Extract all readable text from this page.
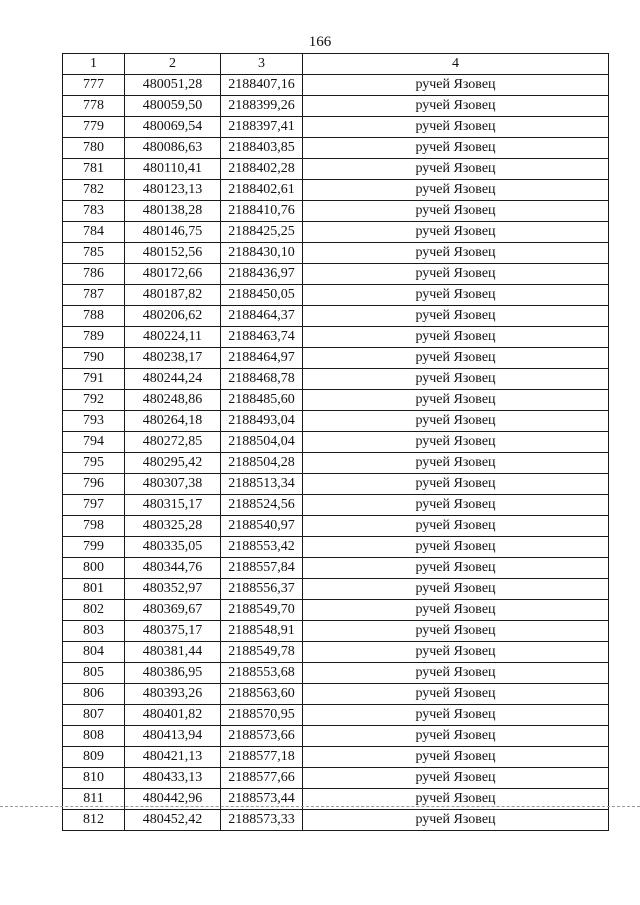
166
1	2	3	4
777	480051,28	2188407,16	ручей Язовец
778	480059,50	2188399,26	ручей Язовец
779	480069,54	2188397,41	ручей Язовец
780	480086,63	2188403,85	ручей Язовец
781	480110,41	2188402,28	ручей Язовец
782	480123,13	2188402,61	ручей Язовец
783	480138,28	2188410,76	ручей Язовец
784	480146,75	2188425,25	ручей Язовец
785	480152,56	2188430,10	ручей Язовец
786	480172,66	2188436,97	ручей Язовец
787	480187,82	2188450,05	ручей Язовец
788	480206,62	2188464,37	ручей Язовец
789	480224,11	2188463,74	ручей Язовец
790	480238,17	2188464,97	ручей Язовец
791	480244,24	2188468,78	ручей Язовец
792	480248,86	2188485,60	ручей Язовец
793	480264,18	2188493,04	ручей Язовец
794	480272,85	2188504,04	ручей Язовец
795	480295,42	2188504,28	ручей Язовец
796	480307,38	2188513,34	ручей Язовец
797	480315,17	2188524,56	ручей Язовец
798	480325,28	2188540,97	ручей Язовец
799	480335,05	2188553,42	ручей Язовец
800	480344,76	2188557,84	ручей Язовец
801	480352,97	2188556,37	ручей Язовец
802	480369,67	2188549,70	ручей Язовец
803	480375,17	2188548,91	ручей Язовец
804	480381,44	2188549,78	ручей Язовец
805	480386,95	2188553,68	ручей Язовец
806	480393,26	2188563,60	ручей Язовец
807	480401,82	2188570,95	ручей Язовец
808	480413,94	2188573,66	ручей Язовец
809	480421,13	2188577,18	ручей Язовец
810	480433,13	2188577,66	ручей Язовец
811	480442,96	2188573,44	ручей Язовец
812	480452,42	2188573,33	ручей Язовец
